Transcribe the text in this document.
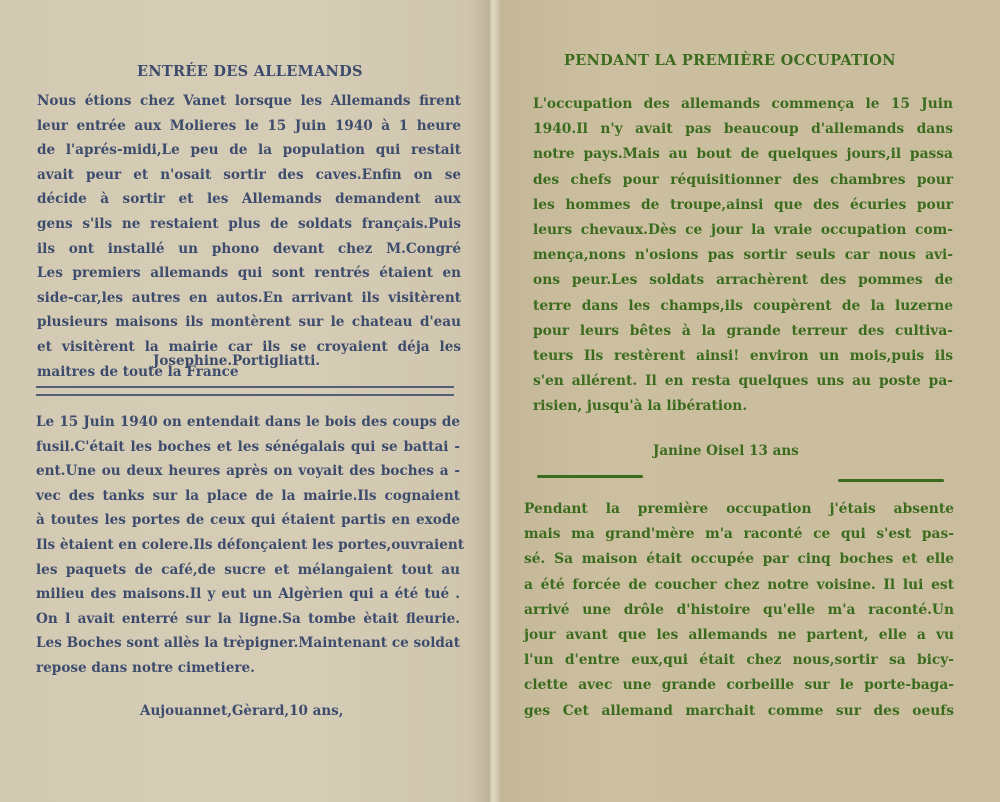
ENTRÉE DES ALLEMANDS
Nous étions chez Vanet lorsque les Allemands firent
leur entrée aux Molieres le 15 Juin 1940 à 1 heure
de l'aprés-midi,Le peu de la population qui restait
avait peur et n'osait sortir des caves.Enfin on se
décide à sortir et les Allemands demandent aux
gens s'ils ne restaient plus de soldats français.Puis
ils ont installé un phono devant chez M.Congré
Les premiers allemands qui sont rentrés étaient en
side-car,les autres en autos.En arrivant ils visitèrent
plusieurs maisons ils montèrent sur le chateau d'eau
et visitèrent la mairie car ils se croyaient déja les
maitres de toute la France
Josephine.Portigliatti.
Le 15 Juin 1940 on entendait dans le bois des coups de
fusil.C'était les boches et les sénégalais qui se battai -
ent.Une ou deux heures après on voyait des boches a -
vec des tanks sur la place de la mairie.Ils cognaient
à toutes les portes de ceux qui étaient partis en exode
Ils ètaient en colere.Ils défonçaient les portes,ouvraient
les paquets de café,de sucre et mélangaient tout au
milieu des maisons.Il y eut un Algèrien qui a été tué .
On l avait enterré sur la ligne.Sa tombe ètait fleurie.
Les Boches sont allès la trèpigner.Maintenant ce soldat
repose dans notre cimetiere.
Aujouannet,Gèrard,10 ans,
PENDANT LA PREMIÈRE OCCUPATION
L'occupation des allemands commença le 15 Juin
1940.Il n'y avait pas beaucoup d'allemands dans
notre pays.Mais au bout de quelques jours,il passa
des chefs pour réquisitionner des chambres pour
les hommes de troupe,ainsi que des écuries pour
leurs chevaux.Dès ce jour la vraie occupation com-
mença,nons n'osions pas sortir seuls car nous avi-
ons peur.Les soldats arrachèrent des pommes de
terre dans les champs,ils coupèrent de la luzerne
pour leurs bêtes à la grande terreur des cultiva-
teurs Ils restèrent ainsi! environ un mois,puis ils
s'en allérent. Il en resta quelques uns au poste pa-
risien, jusqu'à la libération.
Janine Oisel 13 ans
Pendant la première occupation j'étais absente
mais ma grand'mère m'a raconté ce qui s'est pas-
sé. Sa maison était occupée par cinq boches et elle
a été forcée de coucher chez notre voisine. Il lui est
arrivé une drôle d'histoire qu'elle m'a raconté.Un
jour avant que les allemands ne partent, elle a vu
l'un d'entre eux,qui était chez nous,sortir sa bicy-
clette avec une grande corbeille sur le porte-baga-
ges Cet allemand marchait comme sur des oeufs
